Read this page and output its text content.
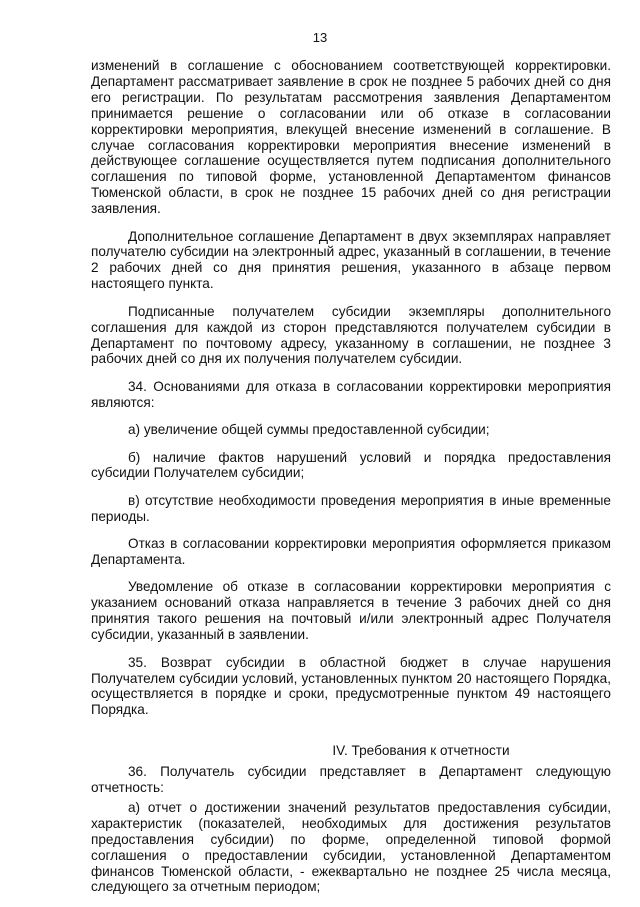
13

изменений в соглашение с обоснованием соответствующей корректировки. Департамент рассматривает заявление в срок не позднее 5 рабочих дней со дня его регистрации. По результатам рассмотрения заявления Департаментом принимается решение о согласовании или об отказе в согласовании корректировки мероприятия, влекущей внесение изменений в соглашение. В случае согласования корректировки мероприятия внесение изменений в действующее соглашение осуществляется путем подписания дополнительного соглашения по типовой форме, установленной Департаментом финансов Тюменской области, в срок не позднее 15 рабочих дней со дня регистрации заявления.

Дополнительное соглашение Департамент в двух экземплярах направляет получателю субсидии на электронный адрес, указанный в соглашении, в течение 2 рабочих дней со дня принятия решения, указанного в абзаце первом настоящего пункта.

Подписанные получателем субсидии экземпляры дополнительного соглашения для каждой из сторон представляются получателем субсидии в Департамент по почтовому адресу, указанному в соглашении, не позднее 3 рабочих дней со дня их получения получателем субсидии.

34. Основаниями для отказа в согласовании корректировки мероприятия являются:

а) увеличение общей суммы предоставленной субсидии;

б) наличие фактов нарушений условий и порядка предоставления субсидии Получателем субсидии;

в) отсутствие необходимости проведения мероприятия в иные временные периоды.

Отказ в согласовании корректировки мероприятия оформляется приказом Департамента.

Уведомление об отказе в согласовании корректировки мероприятия с указанием оснований отказа направляется в течение 3 рабочих дней со дня принятия такого решения на почтовый и/или электронный адрес Получателя субсидии, указанный в заявлении.

35. Возврат субсидии в областной бюджет в случае нарушения Получателем субсидии условий, установленных пунктом 20 настоящего Порядка, осуществляется в порядке и сроки, предусмотренные пунктом 49 настоящего Порядка.

IV. Требования к отчетности

36. Получатель субсидии представляет в Департамент следующую отчетность:

а) отчет о достижении значений результатов предоставления субсидии, характеристик (показателей, необходимых для достижения результатов предоставления субсидии) по форме, определенной типовой формой соглашения о предоставлении субсидии, установленной Департаментом финансов Тюменской области, - ежеквартально не позднее 25 числа месяца, следующего за отчетным периодом;
